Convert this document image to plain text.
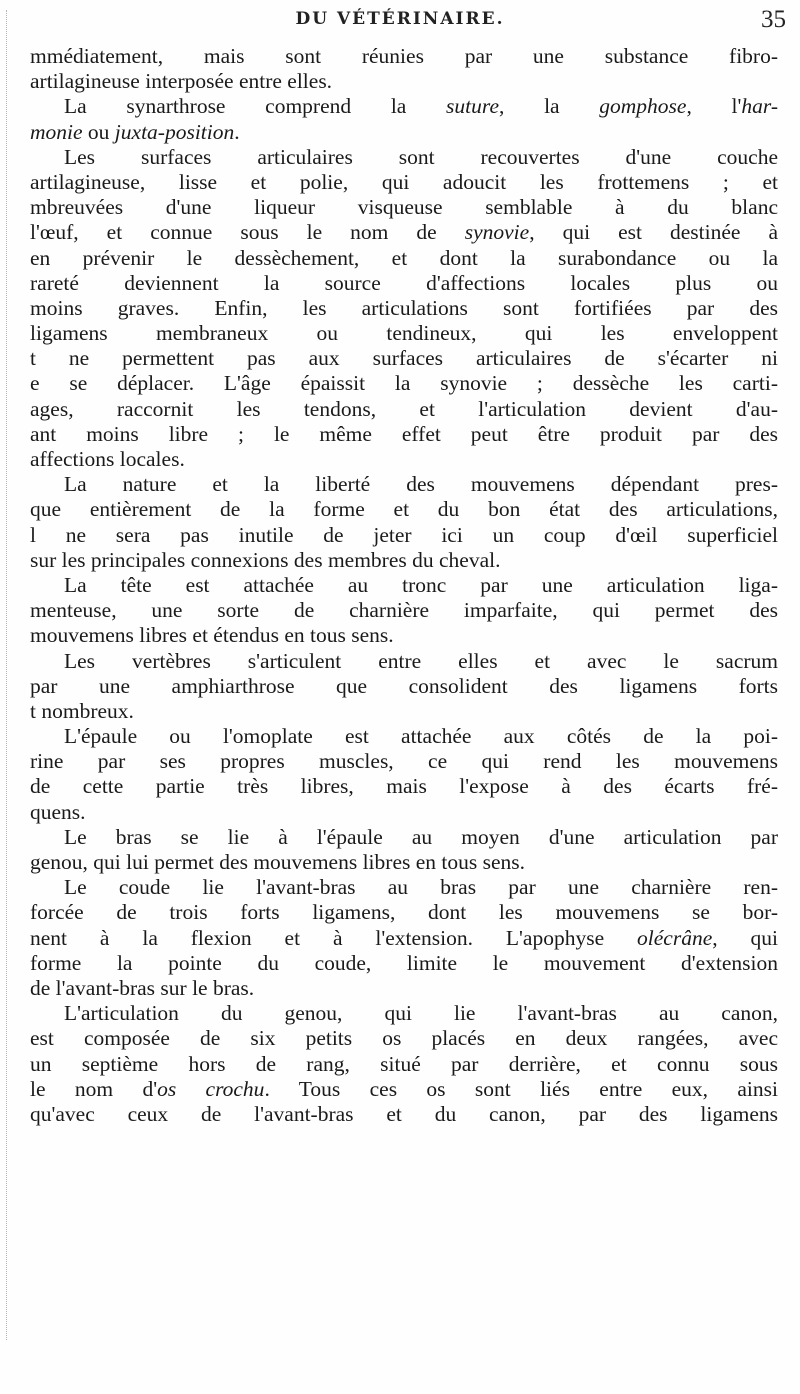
DU VÉTÉRINAIRE.	35
mmédiatement, mais sont réunies par une substance fibro-
artilagineuse interposée entre elles.
La synarthrose comprend la suture, la gomphose, l'har-
monie ou juxta-position.
Les surfaces articulaires sont recouvertes d'une couche
artilagineuse, lisse et polie, qui adoucit les frottemens ; et
mbreuvées d'une liqueur visqueuse semblable à du blanc
l'œuf, et connue sous le nom de synovie, qui est destinée à
en prévenir le dessèchement, et dont la surabondance ou la
rareté deviennent la source d'affections locales plus ou
moins graves. Enfin, les articulations sont fortifiées par des
ligamens membraneux ou tendineux, qui les enveloppent
t ne permettent pas aux surfaces articulaires de s'écarter ni
e se déplacer. L'âge épaissit la synovie ; dessèche les carti-
ages, raccornit les tendons, et l'articulation devient d'au-
ant moins libre ; le même effet peut être produit par des
affections locales.
La nature et la liberté des mouvemens dépendant pres-
que entièrement de la forme et du bon état des articulations,
l ne sera pas inutile de jeter ici un coup d'œil superficiel
sur les principales connexions des membres du cheval.
La tête est attachée au tronc par une articulation liga-
menteuse, une sorte de charnière imparfaite, qui permet des
mouvemens libres et étendus en tous sens.
Les vertèbres s'articulent entre elles et avec le sacrum
par une amphiarthrose que consolident des ligamens forts
t nombreux.
L'épaule ou l'omoplate est attachée aux côtés de la poi-
rine par ses propres muscles, ce qui rend les mouvemens
de cette partie très libres, mais l'expose à des écarts fré-
quens.
Le bras se lie à l'épaule au moyen d'une articulation par
genou, qui lui permet des mouvemens libres en tous sens.
Le coude lie l'avant-bras au bras par une charnière ren-
forcée de trois forts ligamens, dont les mouvemens se bor-
nent à la flexion et à l'extension. L'apophyse olécrâne, qui
forme la pointe du coude, limite le mouvement d'extension
de l'avant-bras sur le bras.
L'articulation du genou, qui lie l'avant-bras au canon,
est composée de six petits os placés en deux rangées, avec
un septième hors de rang, situé par derrière, et connu sous
le nom d'os crochu. Tous ces os sont liés entre eux, ainsi
qu'avec ceux de l'avant-bras et du canon, par des ligamens
